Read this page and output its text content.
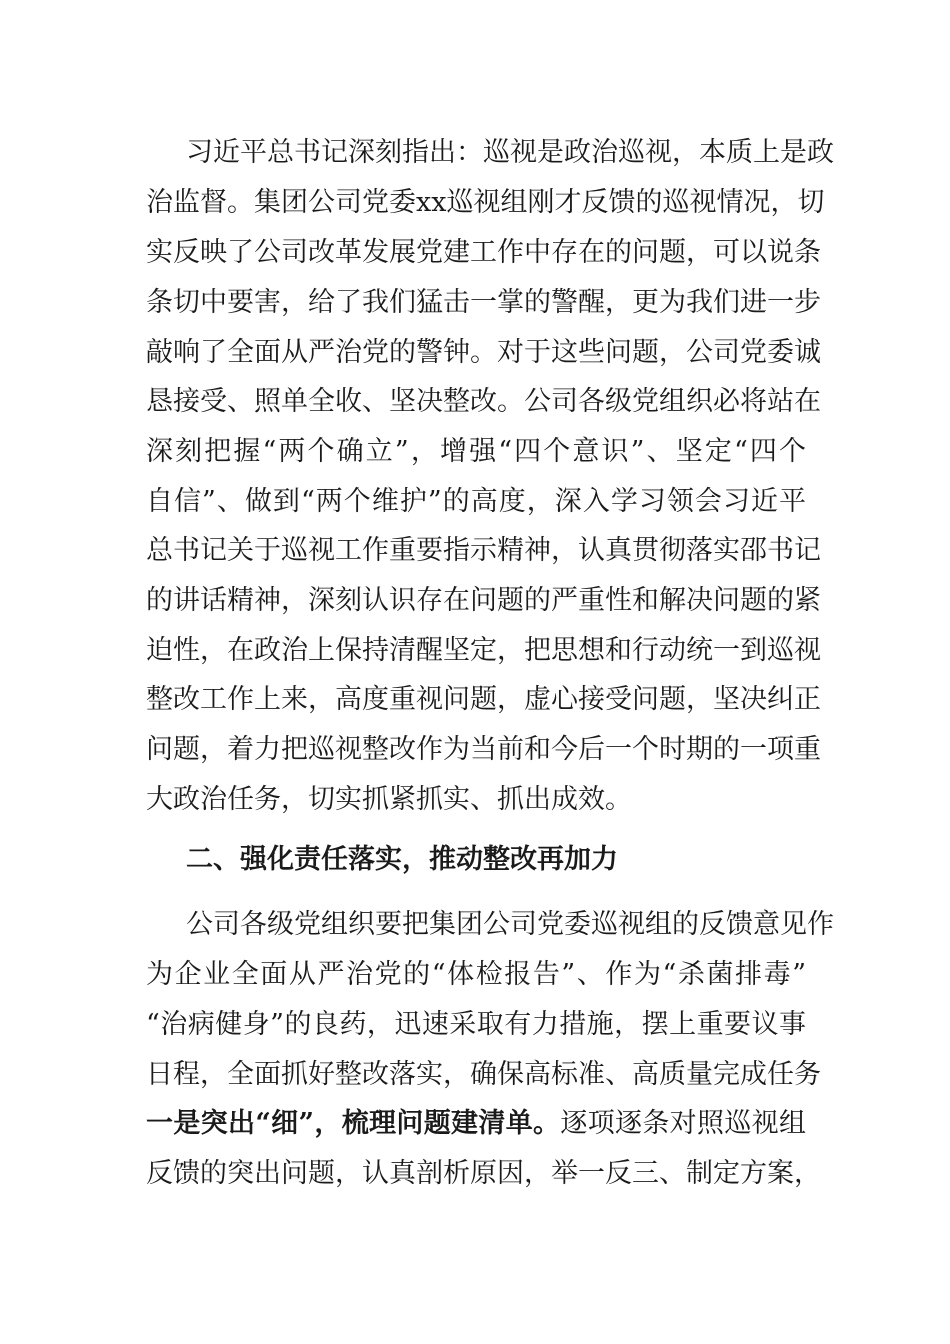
习近平总书记深刻指出：巡视是政治巡视，本质上是政
治监督。集团公司党委xx巡视组刚才反馈的巡视情况，切
实反映了公司改革发展党建工作中存在的问题，可以说条
条切中要害，给了我们猛击一掌的警醒，更为我们进一步
敲响了全面从严治党的警钟。对于这些问题，公司党委诚
恳接受、照单全收、坚决整改。公司各级党组织必将站在
深刻把握“两个确立”，增强“四个意识”、坚定“四个
自信”、做到“两个维护”的高度，深入学习领会习近平
总书记关于巡视工作重要指示精神，认真贯彻落实邵书记
的讲话精神，深刻认识存在问题的严重性和解决问题的紧
迫性，在政治上保持清醒坚定，把思想和行动统一到巡视
整改工作上来，高度重视问题，虚心接受问题，坚决纠正
问题，着力把巡视整改作为当前和今后一个时期的一项重
大政治任务，切实抓紧抓实、抓出成效。
二、强化责任落实，推动整改再加力
公司各级党组织要把集团公司党委巡视组的反馈意见作
为企业全面从严治党的“体检报告”、作为“杀菌排毒”
“治病健身”的良药，迅速采取有力措施，摆上重要议事
日程，全面抓好整改落实，确保高标准、高质量完成任务
一是突出“细”，梳理问题建清单。逐项逐条对照巡视组
反馈的突出问题，认真剖析原因，举一反三、制定方案，
